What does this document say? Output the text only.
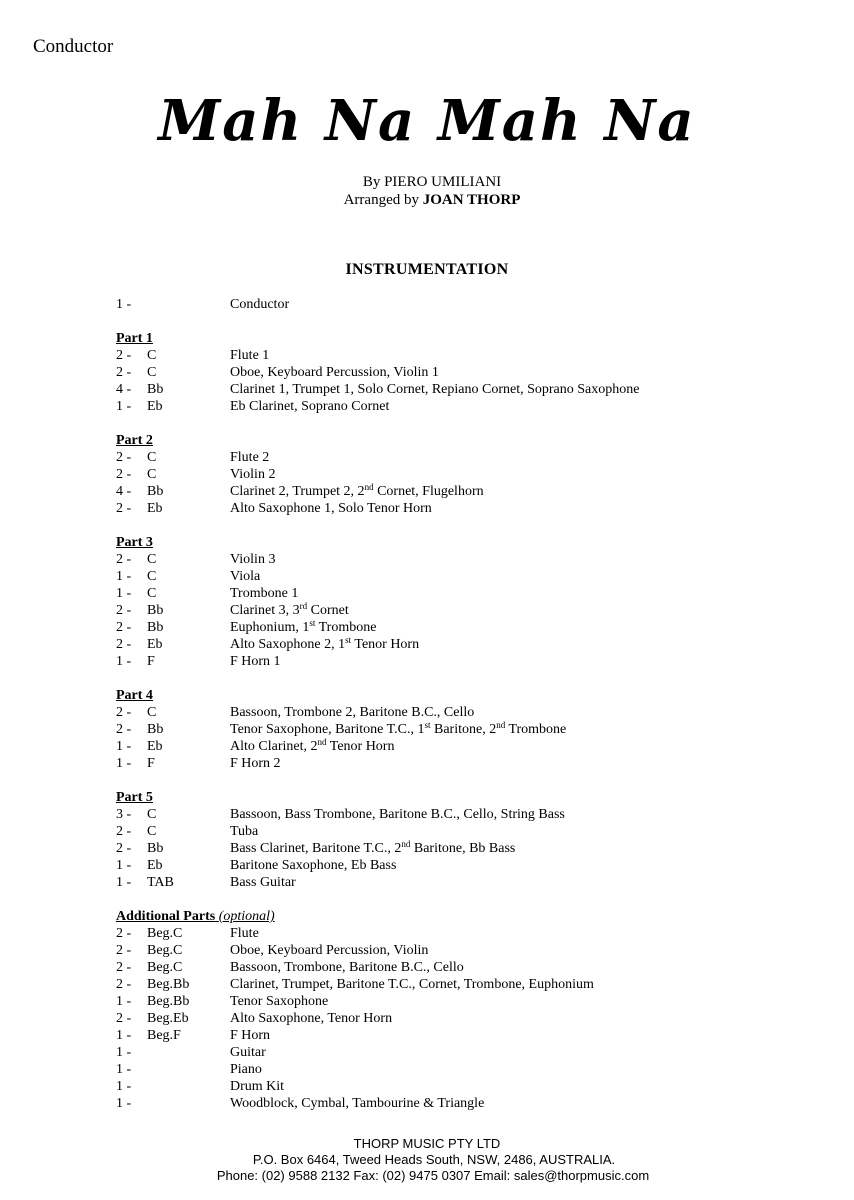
Conductor
Mah Na Mah Na
By PIERO UMILIANI
Arranged by JOAN THORP
INSTRUMENTATION
1 -	Conductor
Part 1
2 - C	Flute 1
2 - C	Oboe, Keyboard Percussion, Violin 1
4 - Bb	Clarinet 1, Trumpet 1, Solo Cornet, Repiano Cornet, Soprano Saxophone
1 - Eb	Eb Clarinet, Soprano Cornet
Part 2
2 - C	Flute 2
2 - C	Violin 2
4 - Bb	Clarinet 2, Trumpet 2, 2nd Cornet, Flugelhorn
2 - Eb	Alto Saxophone 1, Solo Tenor Horn
Part 3
2 - C	Violin 3
1 - C	Viola
1 - C	Trombone 1
2 - Bb	Clarinet 3, 3rd Cornet
2 - Bb	Euphonium, 1st Trombone
2 - Eb	Alto Saxophone 2, 1st Tenor Horn
1 - F	F Horn 1
Part 4
2 - C	Bassoon, Trombone 2, Baritone B.C., Cello
2 - Bb	Tenor Saxophone, Baritone T.C., 1st Baritone, 2nd Trombone
1 - Eb	Alto Clarinet, 2nd Tenor Horn
1 - F	F Horn 2
Part 5
3 - C	Bassoon, Bass Trombone, Baritone B.C., Cello, String Bass
2 - C	Tuba
2 - Bb	Bass Clarinet, Baritone T.C., 2nd Baritone, Bb Bass
1 - Eb	Baritone Saxophone, Eb Bass
1 - TAB	Bass Guitar
Additional Parts (optional)
2 - Beg.C	Flute
2 - Beg.C	Oboe, Keyboard Percussion, Violin
2 - Beg.C	Bassoon, Trombone, Baritone B.C., Cello
2 - Beg.Bb	Clarinet, Trumpet, Baritone T.C., Cornet, Trombone, Euphonium
1 - Beg.Bb	Tenor Saxophone
2 - Beg.Eb	Alto Saxophone, Tenor Horn
1 - Beg.F	F Horn
1 -	Guitar
1 -	Piano
1 -	Drum Kit
1 -	Woodblock, Cymbal, Tambourine & Triangle
THORP MUSIC PTY LTD
P.O. Box 6464, Tweed Heads South, NSW, 2486, AUSTRALIA.
Phone: (02) 9588 2132 Fax: (02) 9475 0307 Email: sales@thorpmusic.com
